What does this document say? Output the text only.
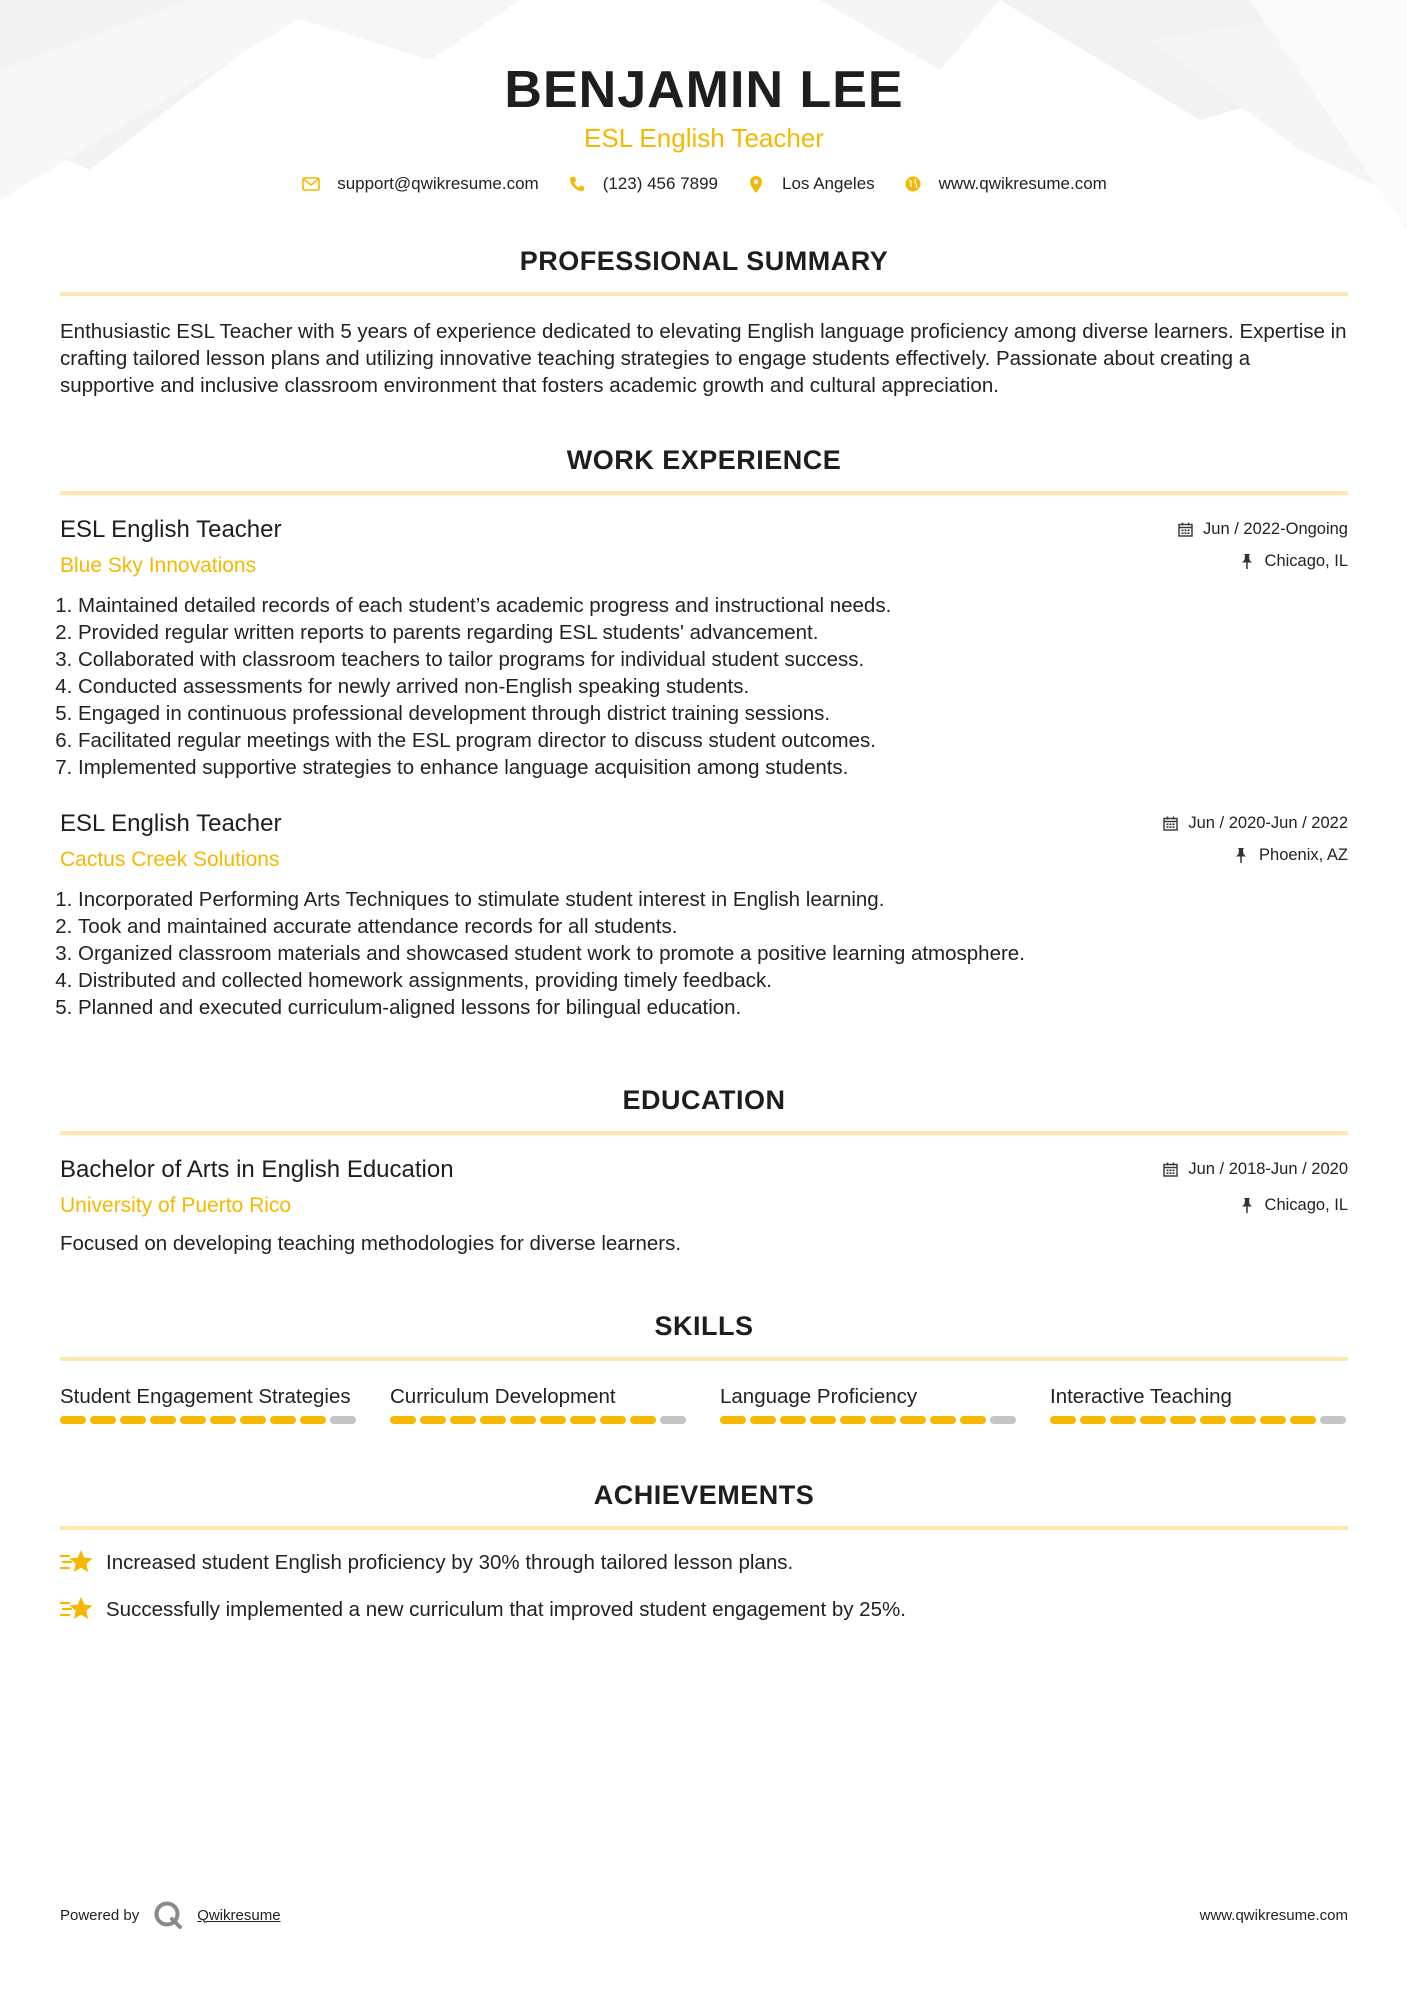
BENJAMIN LEE
ESL English Teacher
support@qwikresume.com	(123) 456 7899	Los Angeles	www.qwikresume.com
PROFESSIONAL SUMMARY
Enthusiastic ESL Teacher with 5 years of experience dedicated to elevating English language proficiency among diverse learners. Expertise in crafting tailored lesson plans and utilizing innovative teaching strategies to engage students effectively. Passionate about creating a supportive and inclusive classroom environment that fosters academic growth and cultural appreciation.
WORK EXPERIENCE
ESL English Teacher
Blue Sky Innovations
Jun / 2022-Ongoing
Chicago, IL
1. Maintained detailed records of each student’s academic progress and instructional needs.
2. Provided regular written reports to parents regarding ESL students' advancement.
3. Collaborated with classroom teachers to tailor programs for individual student success.
4. Conducted assessments for newly arrived non-English speaking students.
5. Engaged in continuous professional development through district training sessions.
6. Facilitated regular meetings with the ESL program director to discuss student outcomes.
7. Implemented supportive strategies to enhance language acquisition among students.
ESL English Teacher
Cactus Creek Solutions
Jun / 2020-Jun / 2022
Phoenix, AZ
1. Incorporated Performing Arts Techniques to stimulate student interest in English learning.
2. Took and maintained accurate attendance records for all students.
3. Organized classroom materials and showcased student work to promote a positive learning atmosphere.
4. Distributed and collected homework assignments, providing timely feedback.
5. Planned and executed curriculum-aligned lessons for bilingual education.
EDUCATION
Bachelor of Arts in English Education
University of Puerto Rico
Jun / 2018-Jun / 2020
Chicago, IL
Focused on developing teaching methodologies for diverse learners.
SKILLS
Student Engagement Strategies	Curriculum Development	Language Proficiency	Interactive Teaching
ACHIEVEMENTS
Increased student English proficiency by 30% through tailored lesson plans.
Successfully implemented a new curriculum that improved student engagement by 25%.
Powered by	Qwikresume	www.qwikresume.com
